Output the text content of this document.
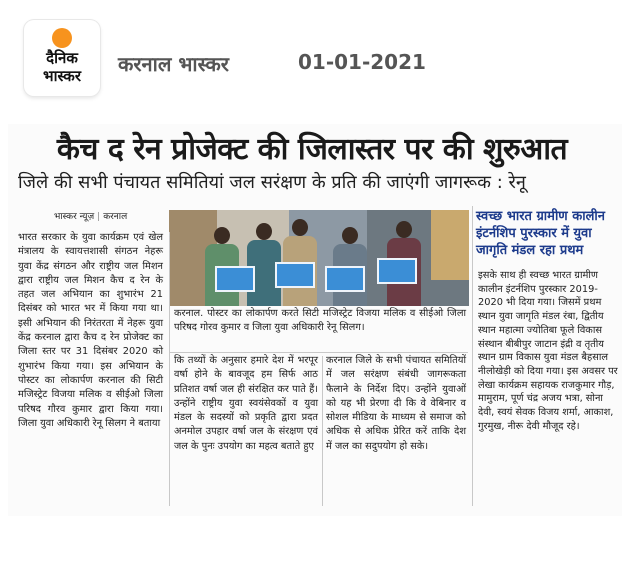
दैनिक
भास्कर	करनाल भास्कर	01-01-2021
कैच द रेन प्रोजेक्ट की जिलास्तर पर की शुरुआत
जिले की सभी पंचायत समितियां जल सरंक्षण के प्रति की जाएंगी जागरूक : रेनू
भास्कर न्यूज़ | करनाल
भारत सरकार के युवा कार्यक्रम एवं खेल मंत्रालय के स्वायत्तशासी संगठन नेहरू युवा केंद्र संगठन और राष्ट्रीय जल मिशन द्वारा राष्ट्रीय जल मिशन कैच द रेन के तहत जल अभियान का शुभारंभ 21 दिसंबर को भारत भर में किया गया था। इसी अभियान की निरंतरता में नेहरू युवा केंद्र करनाल द्वारा कैच द रेन प्रोजेक्ट का जिला स्तर पर 31 दिसंबर 2020 को शुभारंभ किया गया। इस अभियान के पोस्टर का लोकार्पण करनाल की सिटी मजिस्ट्रेट विजया मलिक व सीईओ जिला परिषद गौरव कुमार द्वारा किया गया। जिला युवा अधिकारी रेनू सिलग ने बताया
करनाल. पोस्टर का लोकार्पण करते सिटी मजिस्ट्रेट विजया मलिक व सीईओ जिला परिषद गोरव कुमार व जिला युवा अधिकारी रेनू सिलग।
कि तथ्यों के अनुसार हमारे देश में भरपूर वर्षा होने के बावजूद हम सिर्फ आठ प्रतिशत वर्षा जल ही संरक्षित कर पाते हैं। उन्होंने राष्ट्रीय युवा स्वयंसेवकों व युवा मंडल के सदस्यों को प्रकृति द्वारा प्रदत अनमोल उपहार वर्षा जल के संरक्षण एवं जल के पुनः उपयोग का महत्व बताते हुए
करनाल जिले के सभी पंचायत समितियों में जल सरंक्षण संबंधी जागरूकता फैलाने के निर्देश दिए। उन्होंने युवाओं को यह भी प्रेरणा दी कि वे वेबिनार व सोशल मीडिया के माध्यम से समाज को अधिक से अधिक प्रेरित करें ताकि देश में जल का सदुपयोग हो सके।
स्वच्छ भारत ग्रामीण कालीन इंटर्नशिप पुरस्कार में युवा जागृति मंडल रहा प्रथम
इसके साथ ही स्वच्छ भारत ग्रामीण कालीन इंटर्नशिप पुरस्कार 2019-2020 भी दिया गया। जिसमें प्रथम स्थान युवा जागृति मंडल रंबा, द्वितीय स्थान महात्मा ज्योतिबा फूले विकास संस्थान बीबीपुर जाटान इंद्री व तृतीय स्थान ग्राम विकास युवा मंडल बैहसाल नीलोखेड़ी को दिया गया। इस अवसर पर लेखा कार्यक्रम सहायक राजकुमार गौड़, मामुराम, पूर्ण चंद्र अजय भत्रा, सोना देवी, स्वयं सेवक विजय शर्मा, आकाश, गुरमुख, नीरू देवी मौजूद रहे।
